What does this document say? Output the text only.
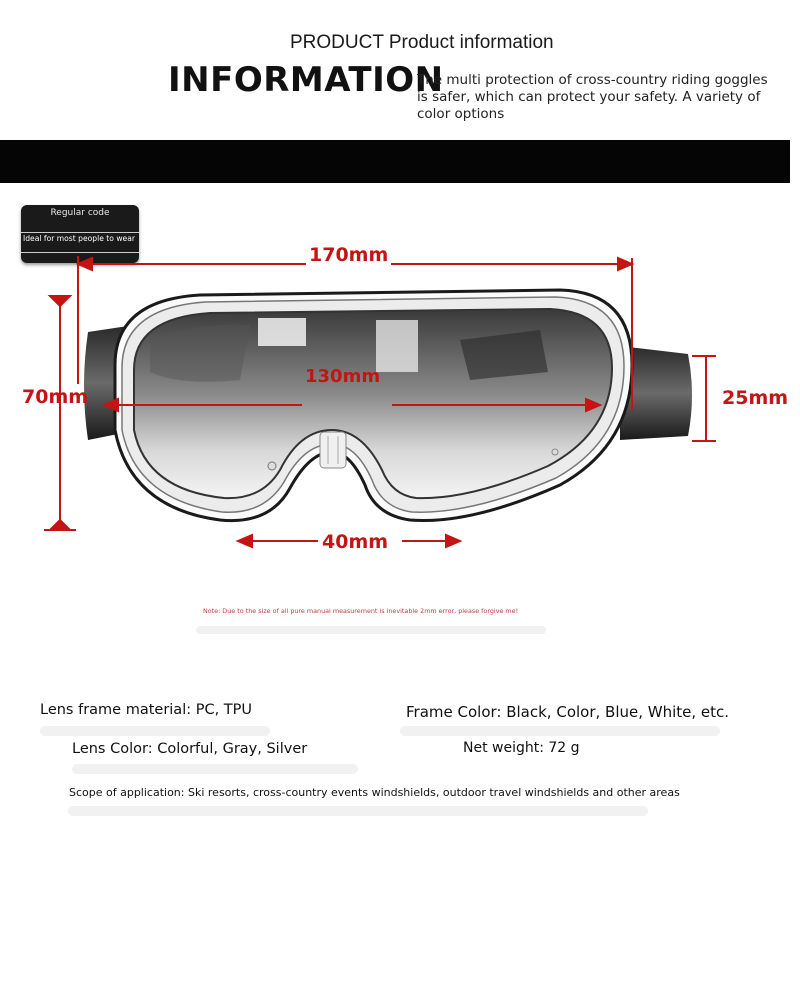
PRODUCT Product information
INFORMATION
The multi protection of cross-country riding goggles is safer, which can protect your safety. A variety of color options
Regular code
Ideal for most people to wear
170mm
70mm
130mm
25mm
40mm
Note: Due to the size of all pure manual measurement is inevitable 2mm error, please forgive me!
Lens frame material: PC, TPU	Frame Color: Black, Color, Blue, White, etc.
Lens Color: Colorful, Gray, Silver	Net weight: 72 g
Scope of application: Ski resorts, cross-country events windshields, outdoor travel windshields and other areas
